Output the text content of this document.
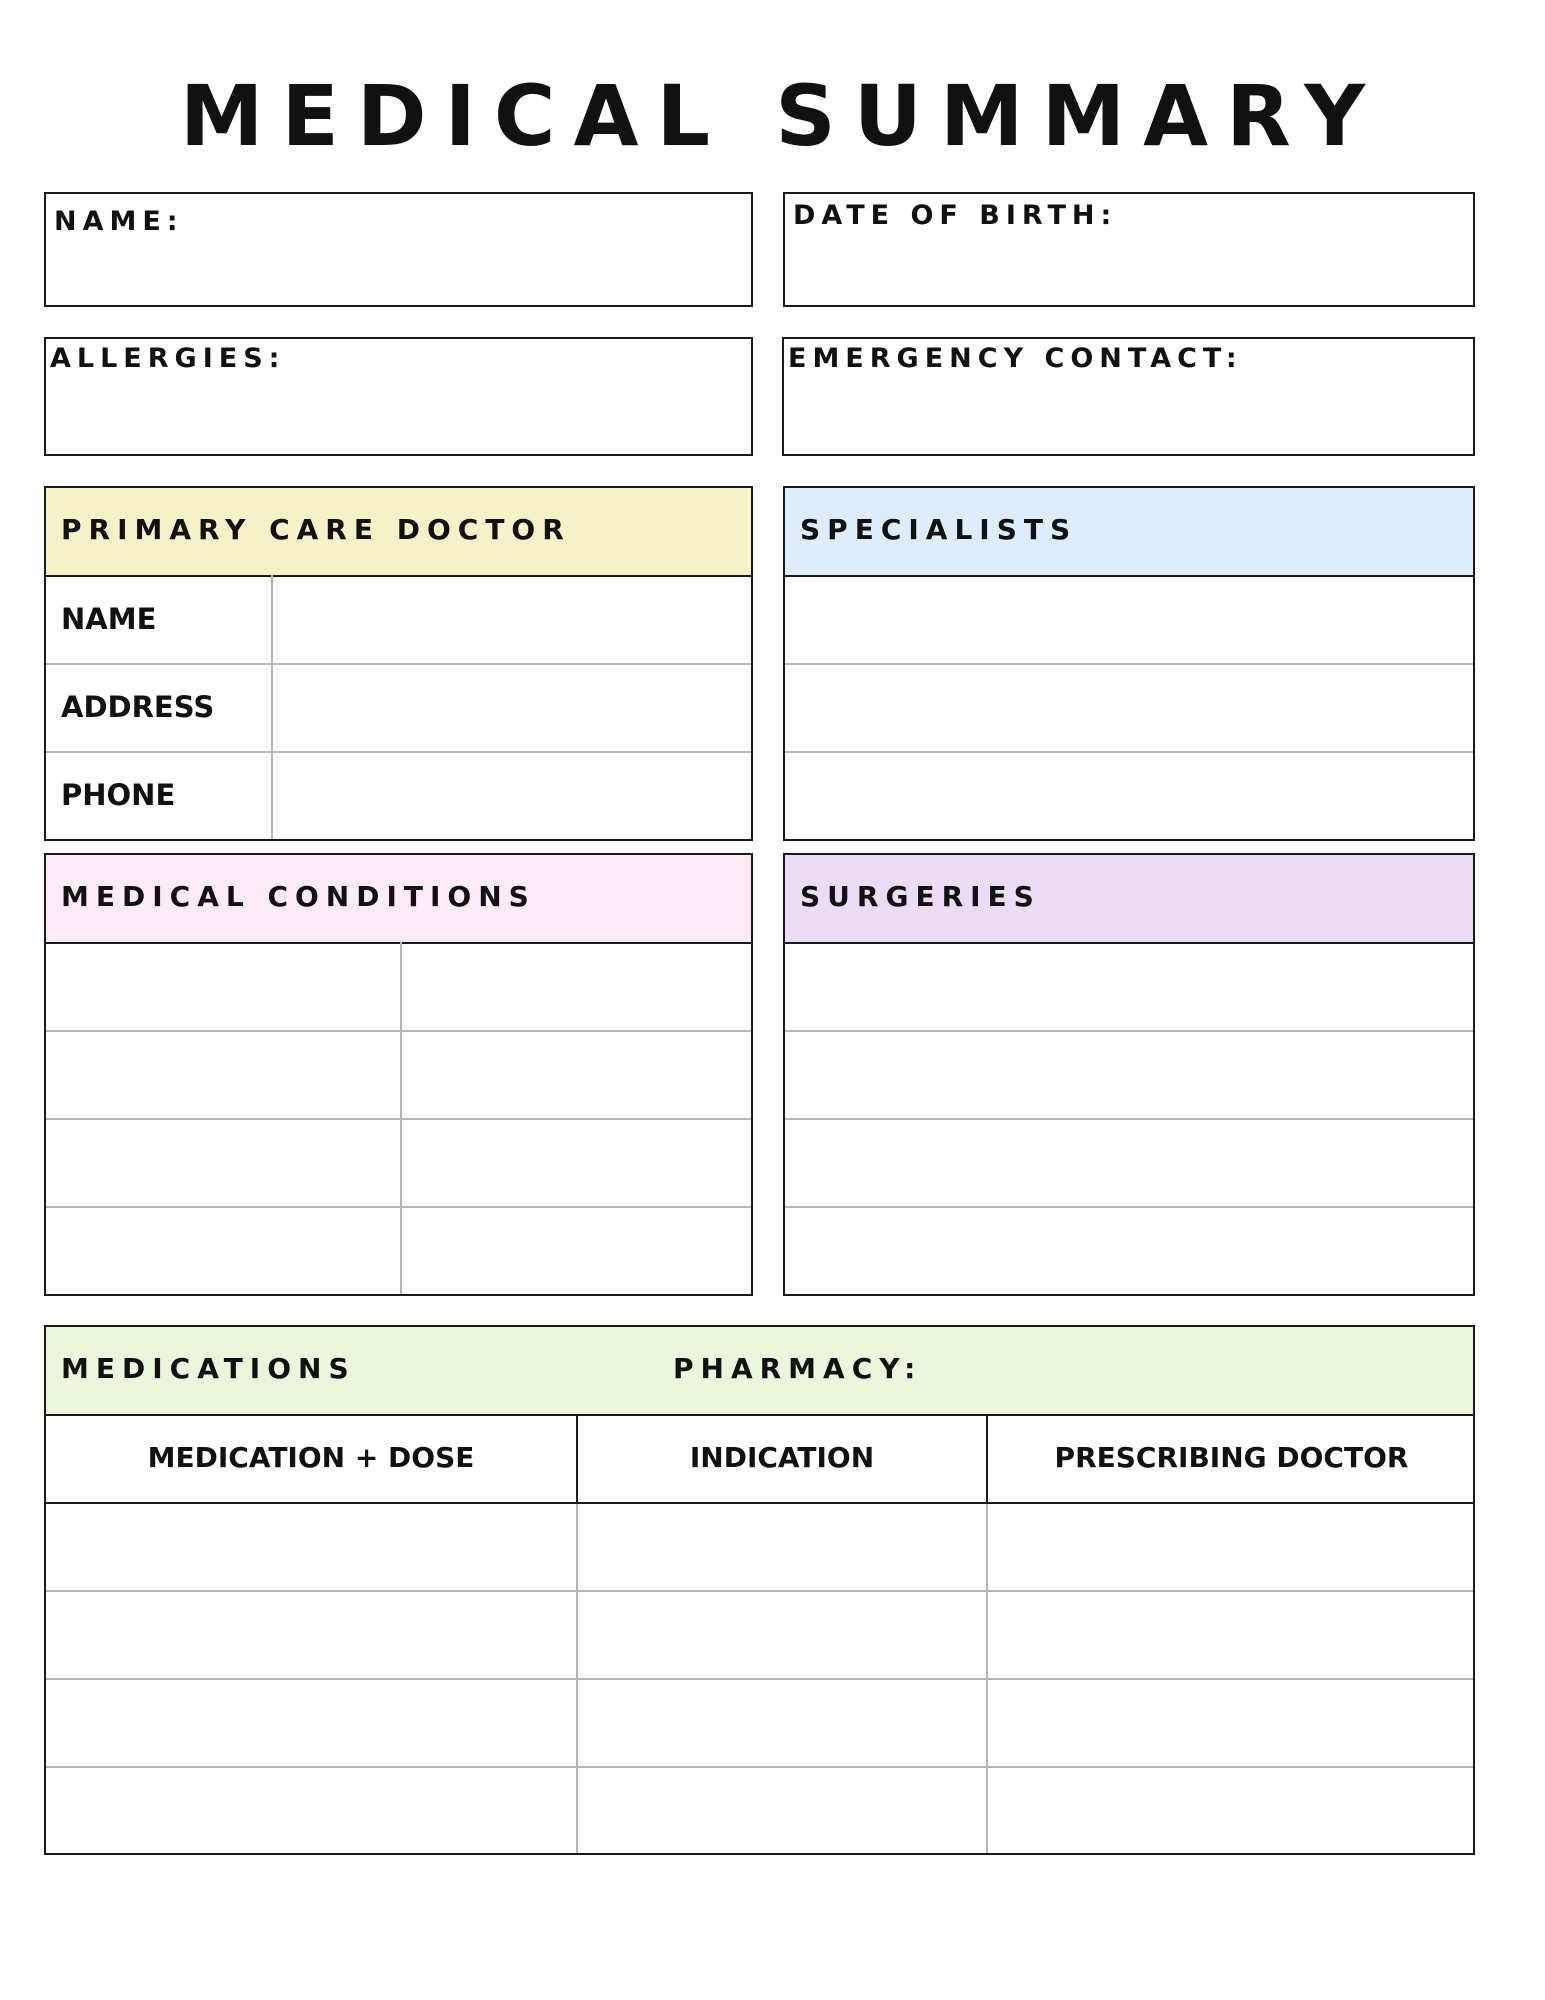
MEDICAL SUMMARY
NAME:	DATE OF BIRTH:
ALLERGIES:	EMERGENCY CONTACT:
PRIMARY CARE DOCTOR
NAME
ADDRESS
PHONE
SPECIALISTS
MEDICAL CONDITIONS	SURGERIES
MEDICATIONS	PHARMACY:
MEDICATION + DOSE	INDICATION	PRESCRIBING DOCTOR
